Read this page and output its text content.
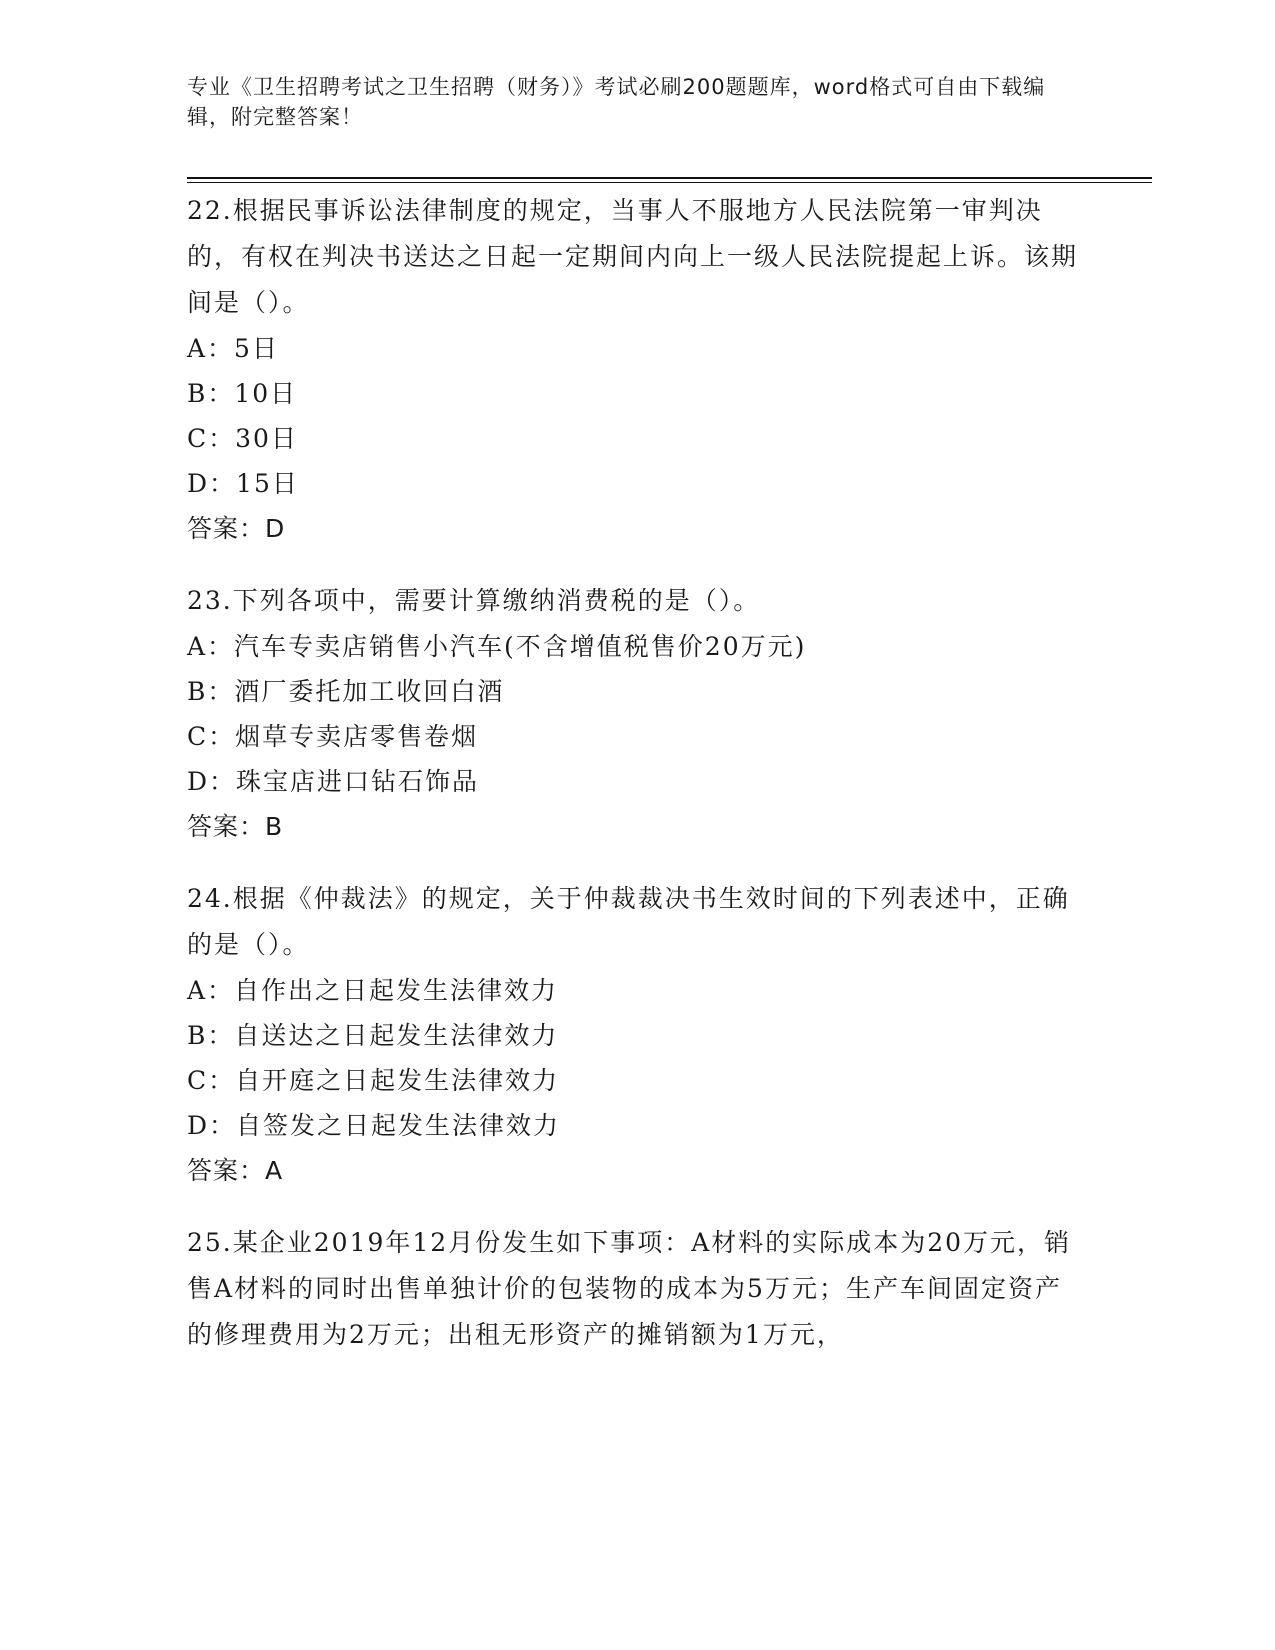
专业《卫生招聘考试之卫生招聘（财务）》考试必刷200题题库，word格式可自由下载编辑，附完整答案！
22.根据民事诉讼法律制度的规定，当事人不服地方人民法院第一审判决的，有权在判决书送达之日起一定期间内向上一级人民法院提起上诉。该期间是（）。
A：5日
B：10日
C：30日
D：15日
答案：D
23.下列各项中，需要计算缴纳消费税的是（）。
A：汽车专卖店销售小汽车(不含增值税售价20万元)
B：酒厂委托加工收回白酒
C：烟草专卖店零售卷烟
D：珠宝店进口钻石饰品
答案：B
24.根据《仲裁法》的规定，关于仲裁裁决书生效时间的下列表述中，正确的是（）。
A：自作出之日起发生法律效力
B：自送达之日起发生法律效力
C：自开庭之日起发生法律效力
D：自签发之日起发生法律效力
答案：A
25.某企业2019年12月份发生如下事项：A材料的实际成本为20万元，销售A材料的同时出售单独计价的包装物的成本为5万元；生产车间固定资产的修理费用为2万元；出租无形资产的摊销额为1万元，
